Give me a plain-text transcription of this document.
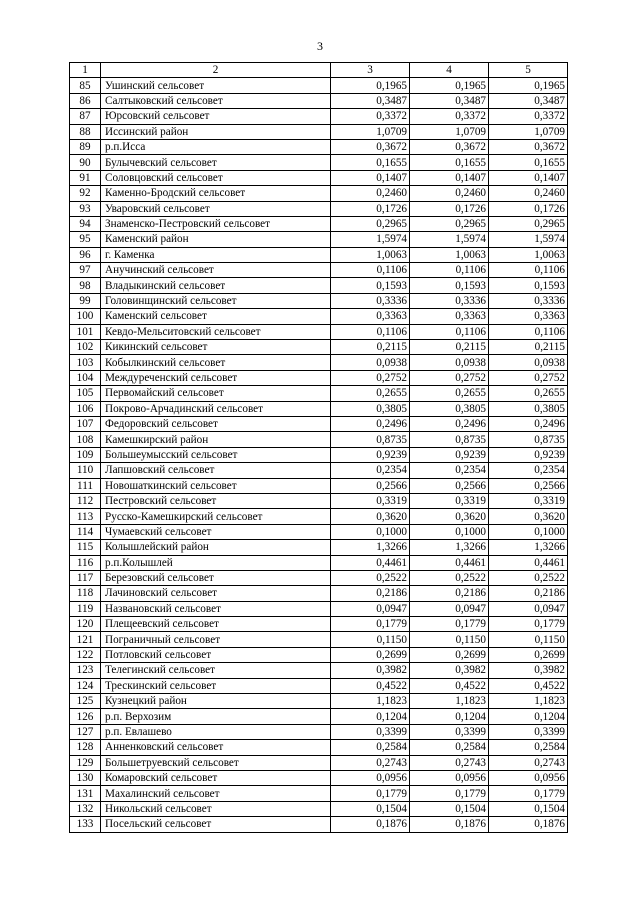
3
1	2	3	4	5
85	Ушинский сельсовет	0,1965	0,1965	0,1965
86	Салтыковский сельсовет	0,3487	0,3487	0,3487
87	Юрсовский сельсовет	0,3372	0,3372	0,3372
88	Иссинский район	1,0709	1,0709	1,0709
89	р.п.Исса	0,3672	0,3672	0,3672
90	Булычевский сельсовет	0,1655	0,1655	0,1655
91	Соловцовский сельсовет	0,1407	0,1407	0,1407
92	Каменно-Бродский сельсовет	0,2460	0,2460	0,2460
93	Уваровский сельсовет	0,1726	0,1726	0,1726
94	Знаменско-Пестровский сельсовет	0,2965	0,2965	0,2965
95	Каменский район	1,5974	1,5974	1,5974
96	г. Каменка	1,0063	1,0063	1,0063
97	Анучинский сельсовет	0,1106	0,1106	0,1106
98	Владыкинский сельсовет	0,1593	0,1593	0,1593
99	Головинщинский сельсовет	0,3336	0,3336	0,3336
100	Каменский сельсовет	0,3363	0,3363	0,3363
101	Кевдо-Мельситовский сельсовет	0,1106	0,1106	0,1106
102	Кикинский сельсовет	0,2115	0,2115	0,2115
103	Кобылкинский сельсовет	0,0938	0,0938	0,0938
104	Междуреченский сельсовет	0,2752	0,2752	0,2752
105	Первомайский сельсовет	0,2655	0,2655	0,2655
106	Покрово-Арчадинский сельсовет	0,3805	0,3805	0,3805
107	Федоровский сельсовет	0,2496	0,2496	0,2496
108	Камешкирский район	0,8735	0,8735	0,8735
109	Большеумысский сельсовет	0,9239	0,9239	0,9239
110	Лапшовский сельсовет	0,2354	0,2354	0,2354
111	Новошаткинский сельсовет	0,2566	0,2566	0,2566
112	Пестровский сельсовет	0,3319	0,3319	0,3319
113	Русско-Камешкирский сельсовет	0,3620	0,3620	0,3620
114	Чумаевский сельсовет	0,1000	0,1000	0,1000
115	Колышлейский район	1,3266	1,3266	1,3266
116	р.п.Колышлей	0,4461	0,4461	0,4461
117	Березовский сельсовет	0,2522	0,2522	0,2522
118	Лачиновский сельсовет	0,2186	0,2186	0,2186
119	Названовский сельсовет	0,0947	0,0947	0,0947
120	Плещеевский сельсовет	0,1779	0,1779	0,1779
121	Пограничный сельсовет	0,1150	0,1150	0,1150
122	Потловский сельсовет	0,2699	0,2699	0,2699
123	Телегинский сельсовет	0,3982	0,3982	0,3982
124	Трескинский сельсовет	0,4522	0,4522	0,4522
125	Кузнецкий район	1,1823	1,1823	1,1823
126	р.п. Верхозим	0,1204	0,1204	0,1204
127	р.п. Евлашево	0,3399	0,3399	0,3399
128	Анненковский сельсовет	0,2584	0,2584	0,2584
129	Большетруевский сельсовет	0,2743	0,2743	0,2743
130	Комаровский сельсовет	0,0956	0,0956	0,0956
131	Махалинский сельсовет	0,1779	0,1779	0,1779
132	Никольский сельсовет	0,1504	0,1504	0,1504
133	Посельский сельсовет	0,1876	0,1876	0,1876
